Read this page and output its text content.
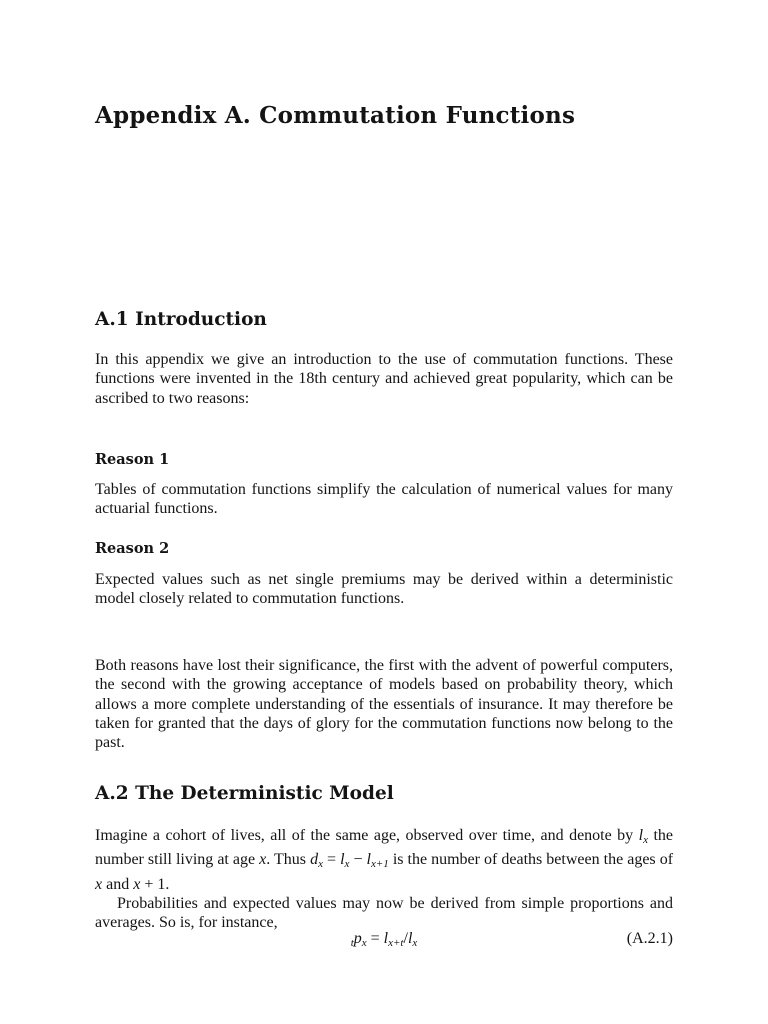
Appendix A. Commutation Functions
A.1 Introduction

In this appendix we give an introduction to the use of commutation functions. These functions were invented in the 18th century and achieved great popularity, which can be ascribed to two reasons:

Reason 1

Tables of commutation functions simplify the calculation of numerical values for many actuarial functions.

Reason 2

Expected values such as net single premiums may be derived within a deterministic model closely related to commutation functions.

Both reasons have lost their significance, the first with the advent of powerful computers, the second with the growing acceptance of models based on probability theory, which allows a more complete understanding of the essentials of insurance. It may therefore be taken for granted that the days of glory for the commutation functions now belong to the past.

A.2 The Deterministic Model

Imagine a cohort of lives, all of the same age, observed over time, and denote by $l_x$ the number still living at age x. Thus $d_x = l_x - l_{x+1}$ is the number of deaths between the ages of x and x + 1.

Probabilities and expected values may now be derived from simple proportions and averages. So is, for instance,

$_tp_x = l_{x+t}/l_x$	(A.2.1)
